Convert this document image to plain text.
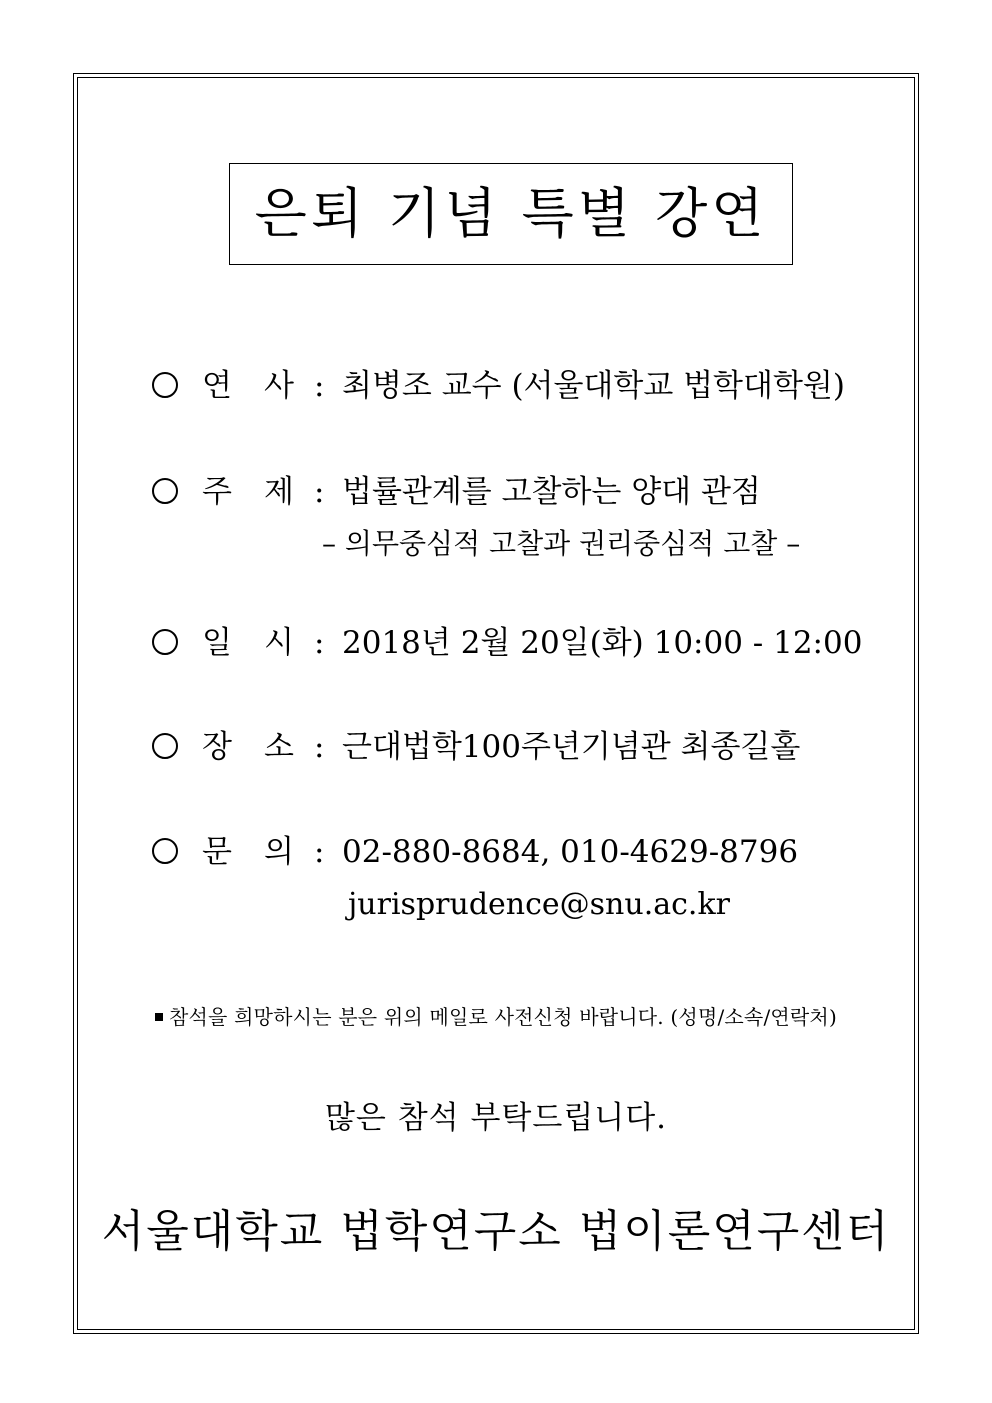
은퇴 기념 특별 강연
연 사 : 최병조 교수 (서울대학교 법학대학원)
주 제 : 법률관계를 고찰하는 양대 관점
– 의무중심적 고찰과 권리중심적 고찰 –
일 시 : 2018년 2월 20일(화) 10:00 - 12:00
장 소 : 근대법학100주년기념관 최종길홀
문 의 : 02-880-8684, 010-4629-8796
jurisprudence@snu.ac.kr
참석을 희망하시는 분은 위의 메일로 사전신청 바랍니다. (성명/소속/연락처)
많은 참석 부탁드립니다.
서울대학교 법학연구소 법이론연구센터
